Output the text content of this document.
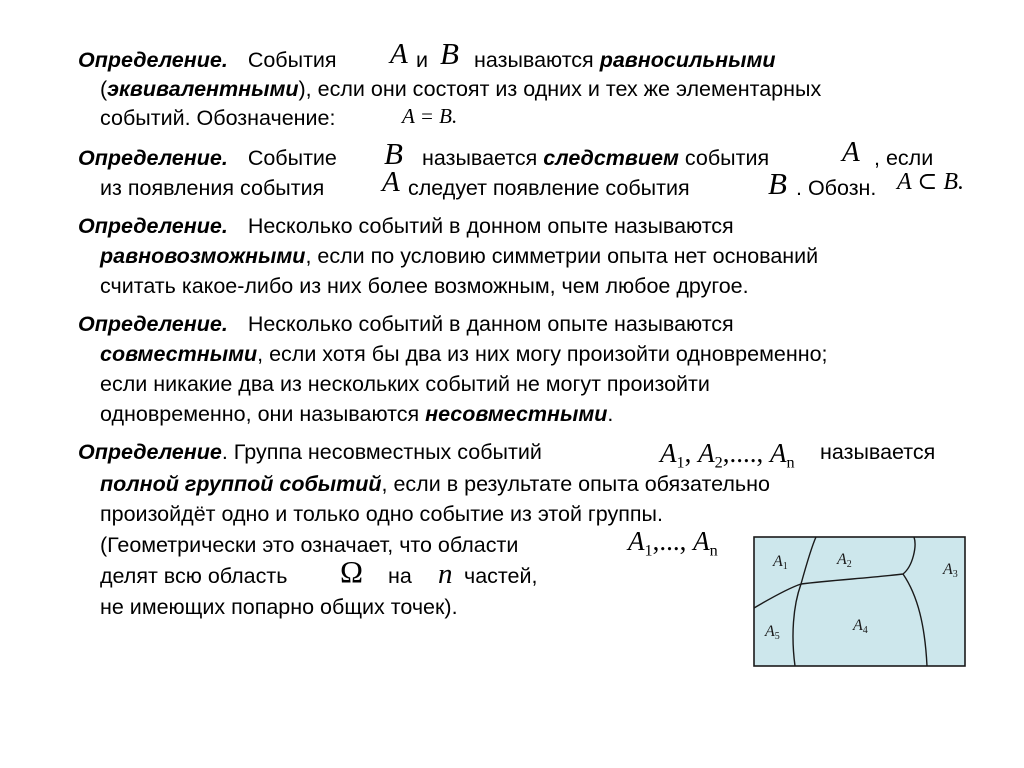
Определение. События A и B называются равносильными
(эквивалентными), если они состоят из одних и тех же элементарных
событий. Обозначение:	A = B.
Определение. Событие B называется следствием события	A , если
из появления события A следует появление события	B . Обозн. A ⊂ B.
Определение. Несколько событий в донном опыте называются
равновозможными, если по условию симметрии опыта нет оснований
считать какое-либо из них более возможным, чем любое другое.
Определение. Несколько событий в данном опыте называются
совместными, если хотя бы два из них могу произойти одновременно;
если никакие два из нескольких событий не могут произойти
одновременно, они называются несовместными.
Определение. Группа несовместных событий	$A_1$, $A_2$,...., $A_n$ называется
полной группой событий, если в результате опыта обязательно
произойдёт одно и только одно событие из этой группы.
(Геометрически это означает, что области	$A_1$,..., $A_n$
делят всю область Ω на n частей,
не имеющих попарно общих точек).
A1	A2	A3
A4
A5
